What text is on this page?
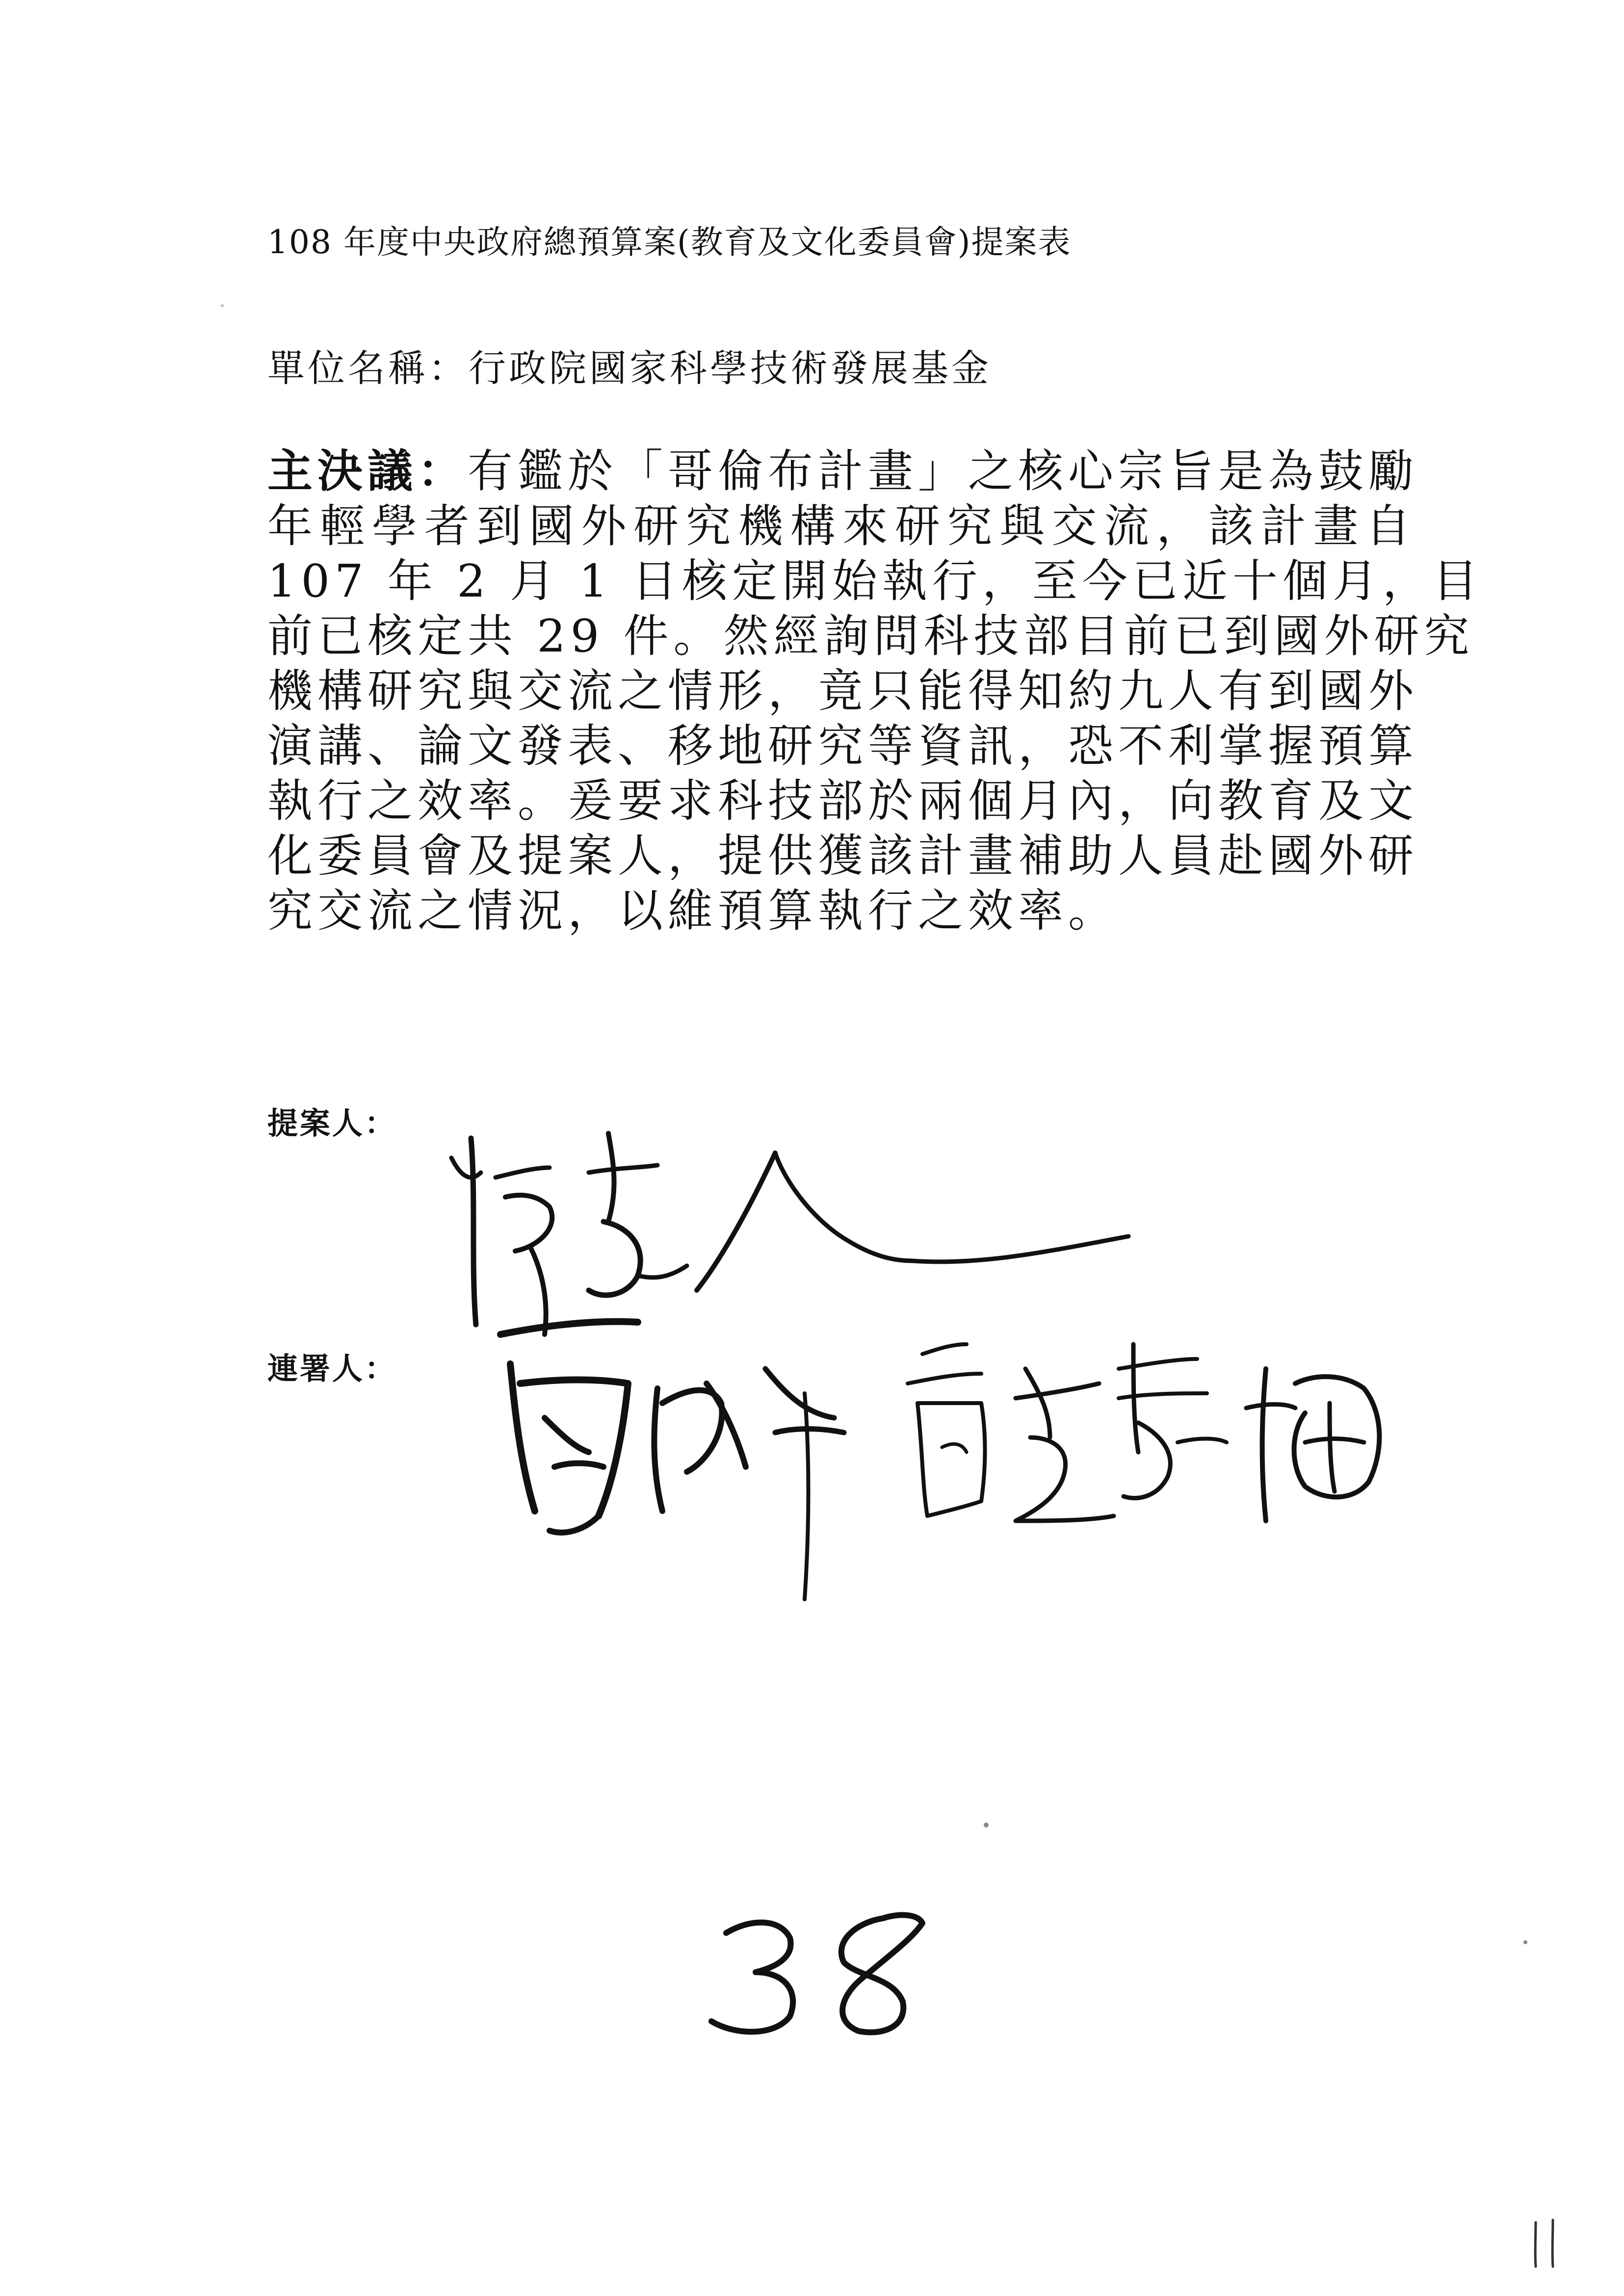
108 年度中央政府總預算案(教育及文化委員會)提案表
單位名稱：行政院國家科學技術發展基金
主決議：有鑑於「哥倫布計畫」之核心宗旨是為鼓勵
年輕學者到國外研究機構來研究與交流，該計畫自
107 年 2 月 1 日核定開始執行，至今已近十個月，目
前已核定共 29 件。然經詢問科技部目前已到國外研究
機構研究與交流之情形，竟只能得知約九人有到國外
演講、論文發表、移地研究等資訊，恐不利掌握預算
執行之效率。爰要求科技部於兩個月內，向教育及文
化委員會及提案人，提供獲該計畫補助人員赴國外研
究交流之情況，以維預算執行之效率。
提案人：
連署人：
